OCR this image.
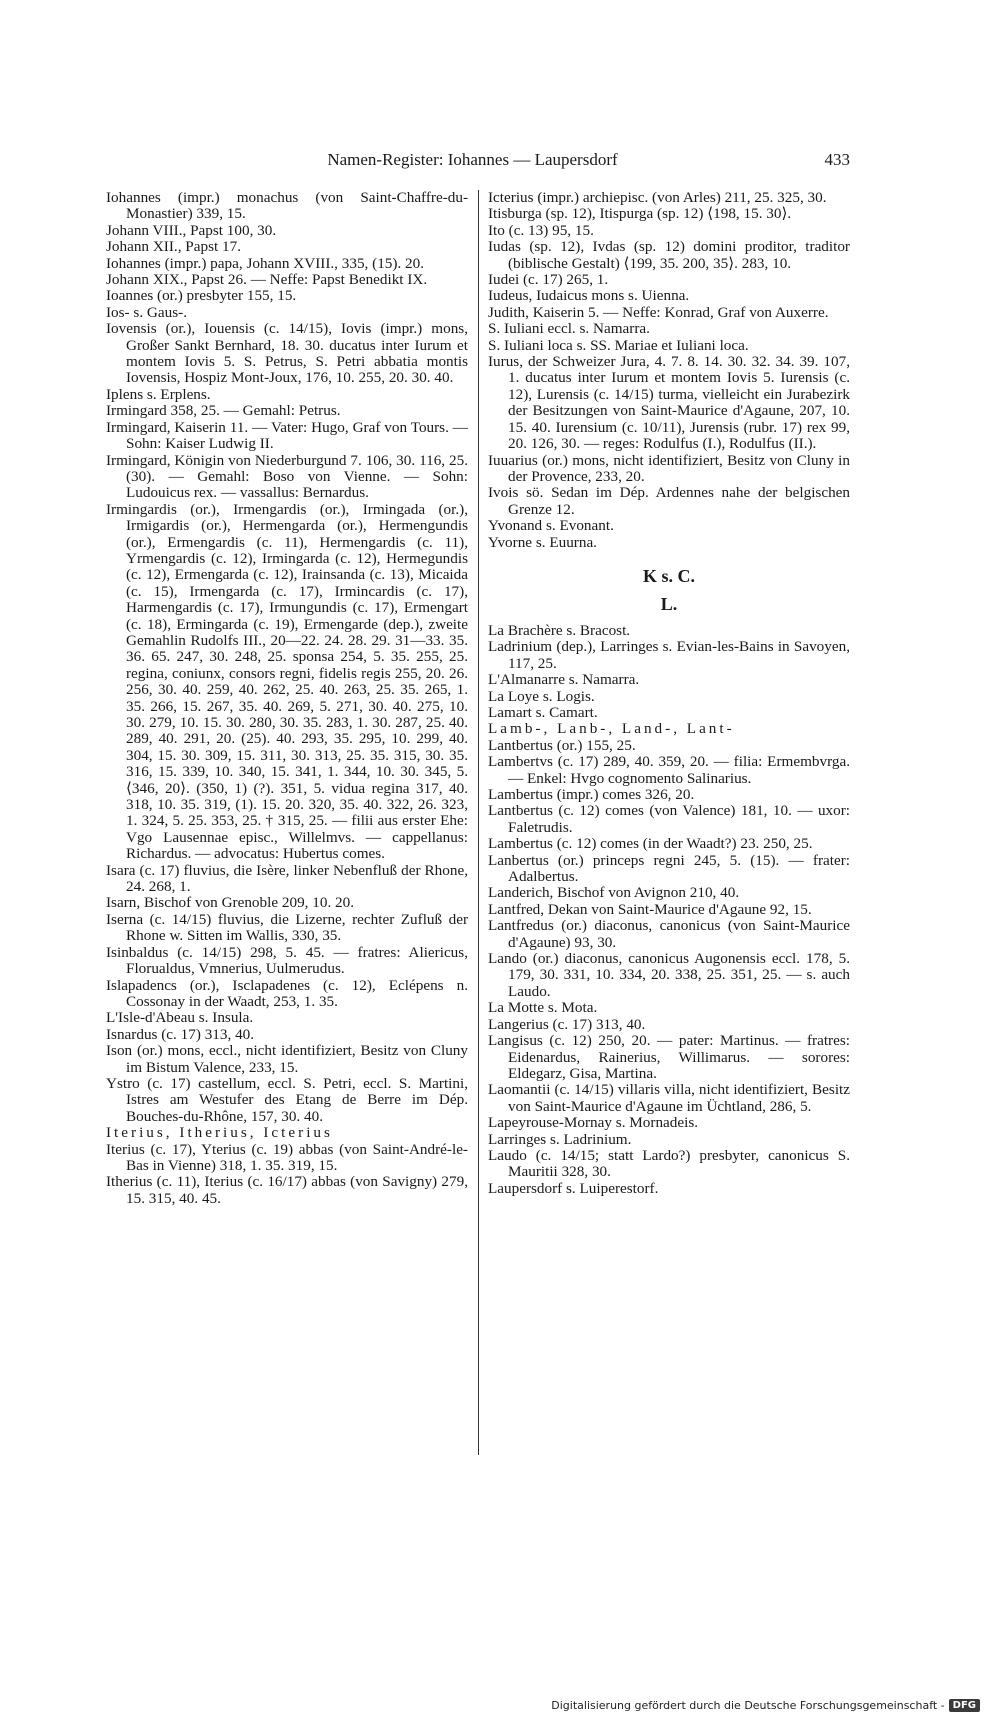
Namen-Register: Iohannes — Laupersdorf	433

Iohannes (impr.) monachus (von Saint-Chaffre-du-Monastier) 339, 15.

Johann VIII., Papst 100, 30.

Johann XII., Papst 17.

Iohannes (impr.) papa, Johann XVIII., 335, (15). 20.

Johann XIX., Papst 26. — Neffe: Papst Benedikt IX.

Ioannes (or.) presbyter 155, 15.

Ios- s. Gaus-.

Iovensis (or.), Iouensis (c. 14/15), Iovis (impr.) mons, Großer Sankt Bernhard, 18. 30. ducatus inter Iurum et montem Iovis 5. S. Petrus, S. Petri abbatia montis Iovensis, Hospiz Mont-Joux, 176, 10. 255, 20. 30. 40.

Iplens s. Erplens.

Irmingard 358, 25. — Gemahl: Petrus.

Irmingard, Kaiserin 11. — Vater: Hugo, Graf von Tours. — Sohn: Kaiser Ludwig II.

Irmingard, Königin von Niederburgund 7. 106, 30. 116, 25. (30). — Gemahl: Boso von Vienne. — Sohn: Ludouicus rex. — vassallus: Bernardus.

Irmingardis (or.), Irmengardis (or.), Irmingada (or.), Irmigardis (or.), Hermengarda (or.), Hermengundis (or.), Ermengardis (c. 11), Hermengardis (c. 11), Yrmengardis (c. 12), Irmingarda (c. 12), Hermegundis (c. 12), Ermengarda (c. 12), Irainsanda (c. 13), Micaida (c. 15), Irmengarda (c. 17), Irmincardis (c. 17), Harmengardis (c. 17), Irmungundis (c. 17), Ermengart (c. 18), Ermingarda (c. 19), Ermengarde (dep.), zweite Gemahlin Rudolfs III., 20—22. 24. 28. 29. 31—33. 35. 36. 65. 247, 30. 248, 25. sponsa 254, 5. 35. 255, 25. regina, coniunx, consors regni, fidelis regis 255, 20. 26. 256, 30. 40. 259, 40. 262, 25. 40. 263, 25. 35. 265, 1. 35. 266, 15. 267, 35. 40. 269, 5. 271, 30. 40. 275, 10. 30. 279, 10. 15. 30. 280, 30. 35. 283, 1. 30. 287, 25. 40. 289, 40. 291, 20. (25). 40. 293, 35. 295, 10. 299, 40. 304, 15. 30. 309, 15. 311, 30. 313, 25. 35. 315, 30. 35. 316, 15. 339, 10. 340, 15. 341, 1. 344, 10. 30. 345, 5. ⟨346, 20⟩. (350, 1) (?). 351, 5. vidua regina 317, 40. 318, 10. 35. 319, (1). 15. 20. 320, 35. 40. 322, 26. 323, 1. 324, 5. 25. 353, 25. † 315, 25. — filii aus erster Ehe: Vgo Lausennae episc., Willelmvs. — cappellanus: Richardus. — advocatus: Hubertus comes.

Isara (c. 17) fluvius, die Isère, linker Nebenfluß der Rhone, 24. 268, 1.

Isarn, Bischof von Grenoble 209, 10. 20.

Iserna (c. 14/15) fluvius, die Lizerne, rechter Zufluß der Rhone w. Sitten im Wallis, 330, 35.

Isinbaldus (c. 14/15) 298, 5. 45. — fratres: Aliericus, Florualdus, Vmnerius, Uulmerudus.

Islapadencs (or.), Isclapadenes (c. 12), Eclépens n. Cossonay in der Waadt, 253, 1. 35.

L'Isle-d'Abeau s. Insula.

Isnardus (c. 17) 313, 40.

Ison (or.) mons, eccl., nicht identifiziert, Besitz von Cluny im Bistum Valence, 233, 15.

Ystro (c. 17) castellum, eccl. S. Petri, eccl. S. Martini, Istres am Westufer des Etang de Berre im Dép. Bouches-du-Rhône, 157, 30. 40.

Iterius, Itherius, Icterius

Iterius (c. 17), Yterius (c. 19) abbas (von Saint-André-le-Bas in Vienne) 318, 1. 35. 319, 15.

Itherius (c. 11), Iterius (c. 16/17) abbas (von Savigny) 279, 15. 315, 40. 45.

Icterius (impr.) archiepisc. (von Arles) 211, 25. 325, 30.

Itisburga (sp. 12), Itispurga (sp. 12) ⟨198, 15. 30⟩.

Ito (c. 13) 95, 15.

Iudas (sp. 12), Ivdas (sp. 12) domini proditor, traditor (biblische Gestalt) ⟨199, 35. 200, 35⟩. 283, 10.

Iudei (c. 17) 265, 1.

Iudeus, Iudaicus mons s. Uienna.

Judith, Kaiserin 5. — Neffe: Konrad, Graf von Auxerre.

S. Iuliani eccl. s. Namarra.

S. Iuliani loca s. SS. Mariae et Iuliani loca.

Iurus, der Schweizer Jura, 4. 7. 8. 14. 30. 32. 34. 39. 107, 1. ducatus inter Iurum et montem Iovis 5. Iurensis (c. 12), Lurensis (c. 14/15) turma, vielleicht ein Jurabezirk der Besitzungen von Saint-Maurice d'Agaune, 207, 10. 15. 40. Iurensium (c. 10/11), Jurensis (rubr. 17) rex 99, 20. 126, 30. — reges: Rodulfus (I.), Rodulfus (II.).

Iuuarius (or.) mons, nicht identifiziert, Besitz von Cluny in der Provence, 233, 20.

Ivois sö. Sedan im Dép. Ardennes nahe der belgischen Grenze 12.

Yvonand s. Evonant.

Yvorne s. Euurna.

K s. C.
L.

La Brachère s. Bracost.

Ladrinium (dep.), Larringes s. Evian-les-Bains in Savoyen, 117, 25.

L'Almanarre s. Namarra.

La Loye s. Logis.

Lamart s. Camart.

Lamb-, Lanb-, Land-, Lant-

Lantbertus (or.) 155, 25.

Lambertvs (c. 17) 289, 40. 359, 20. — filia: Ermembvrga. — Enkel: Hvgo cognomento Salinarius.

Lambertus (impr.) comes 326, 20.

Lantbertus (c. 12) comes (von Valence) 181, 10. — uxor: Faletrudis.

Lambertus (c. 12) comes (in der Waadt?) 23. 250, 25.

Lanbertus (or.) princeps regni 245, 5. (15). — frater: Adalbertus.

Landerich, Bischof von Avignon 210, 40.

Lantfred, Dekan von Saint-Maurice d'Agaune 92, 15.

Lantfredus (or.) diaconus, canonicus (von Saint-Maurice d'Agaune) 93, 30.

Lando (or.) diaconus, canonicus Augonensis eccl. 178, 5. 179, 30. 331, 10. 334, 20. 338, 25. 351, 25. — s. auch Laudo.

La Motte s. Mota.

Langerius (c. 17) 313, 40.

Langisus (c. 12) 250, 20. — pater: Martinus. — fratres: Eidenardus, Rainerius, Willimarus. — sorores: Eldegarz, Gisa, Martina.

Laomantii (c. 14/15) villaris villa, nicht identifiziert, Besitz von Saint-Maurice d'Agaune im Üchtland, 286, 5.

Lapeyrouse-Mornay s. Mornadeis.

Larringes s. Ladrinium.

Laudo (c. 14/15; statt Lardo?) presbyter, canonicus S. Mauritii 328, 30.

Laupersdorf s. Luiperestorf.

Digitalisierung gefördert durch die Deutsche Forschungsgemeinschaft - DFG
